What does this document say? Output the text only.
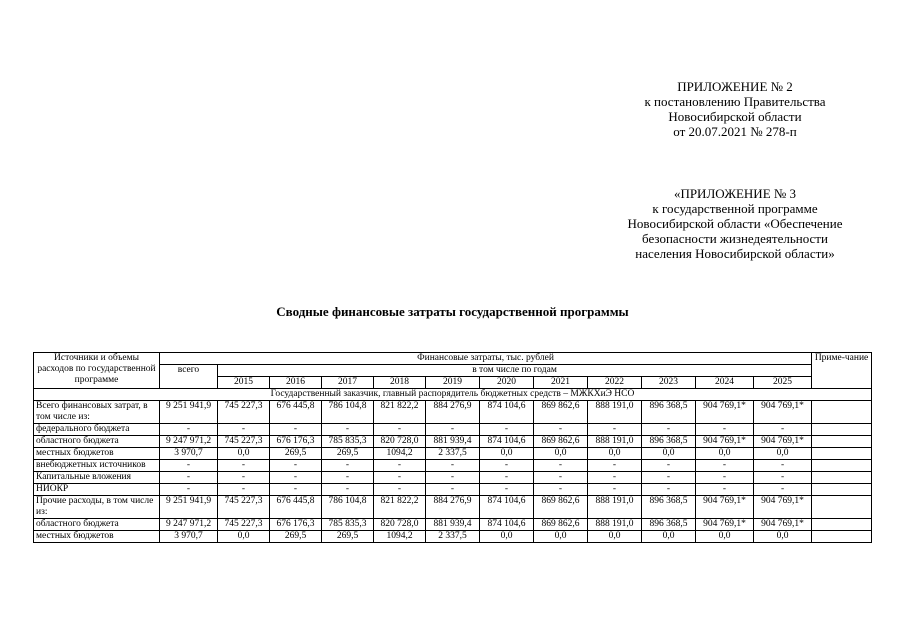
ПРИЛОЖЕНИЕ № 2
к постановлению Правительства
Новосибирской области
от 20.07.2021 № 278-п
«ПРИЛОЖЕНИЕ № 3
к государственной программе
Новосибирской области «Обеспечение
безопасности жизнедеятельности
населения Новосибирской области»
Сводные финансовые затраты государственной программы
Источники и объемы расходов по государственной программе	Финансовые затраты, тыс. рублей												Приме-чание
	всего	в том числе по годам											
		2015	2016	2017	2018	2019	2020	2021	2022	2023	2024	2025	
Государственный заказчик, главный распорядитель бюджетных средств – МЖКХиЭ НСО													
Всего финансовых затрат, в том числе из:	9 251 941,9	745 227,3	676 445,8	786 104,8	821 822,2	884 276,9	874 104,6	869 862,6	888 191,0	896 368,5	904 769,1*	904 769,1*	
федерального бюджета	-	-	-	-	-	-	-	-	-	-	-	-	
областного бюджета	9 247 971,2	745 227,3	676 176,3	785 835,3	820 728,0	881 939,4	874 104,6	869 862,6	888 191,0	896 368,5	904 769,1*	904 769,1*	
местных бюджетов	3 970,7	0,0	269,5	269,5	1094,2	2 337,5	0,0	0,0	0,0	0,0	0,0	0,0	
внебюджетных источников	-	-	-	-	-	-	-	-	-	-	-	-	
Капитальные вложения	-	-	-	-	-	-	-	-	-	-	-	-	
НИОКР	-	-	-	-	-	-	-	-	-	-	-	-	
Прочие расходы, в том числе из:	9 251 941,9	745 227,3	676 445,8	786 104,8	821 822,2	884 276,9	874 104,6	869 862,6	888 191,0	896 368,5	904 769,1*	904 769,1*	
областного бюджета	9 247 971,2	745 227,3	676 176,3	785 835,3	820 728,0	881 939,4	874 104,6	869 862,6	888 191,0	896 368,5	904 769,1*	904 769,1*	
местных бюджетов	3 970,7	0,0	269,5	269,5	1094,2	2 337,5	0,0	0,0	0,0	0,0	0,0	0,0	
